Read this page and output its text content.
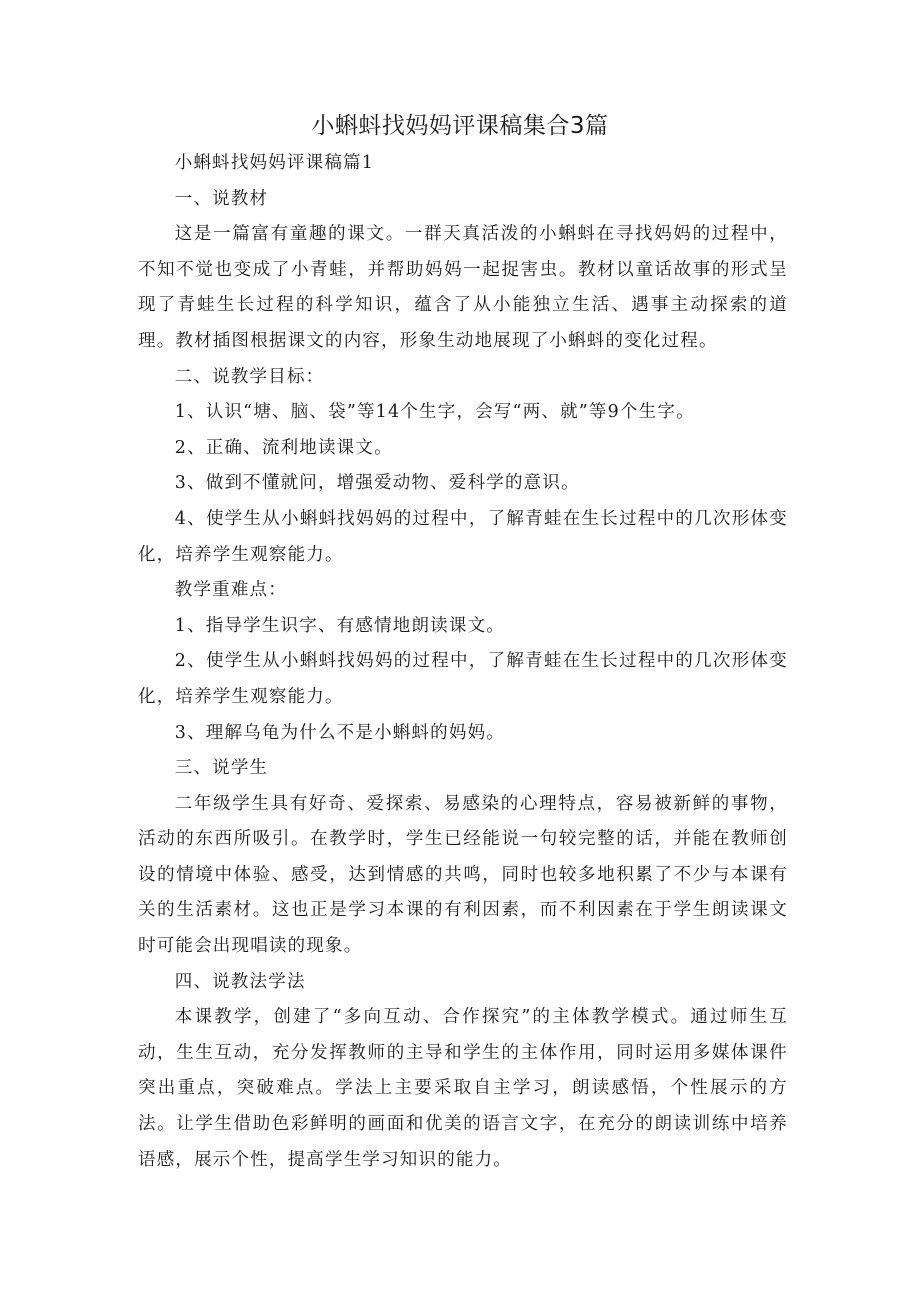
小蝌蚪找妈妈评课稿集合3篇

小蝌蚪找妈妈评课稿篇1

一、说教材

这是一篇富有童趣的课文。一群天真活泼的小蝌蚪在寻找妈妈的过程中，不知不觉也变成了小青蛙，并帮助妈妈一起捉害虫。教材以童话故事的形式呈现了青蛙生长过程的科学知识，蕴含了从小能独立生活、遇事主动探索的道理。教材插图根据课文的内容，形象生动地展现了小蝌蚪的变化过程。

二、说教学目标：

1、认识“塘、脑、袋”等14个生字，会写“两、就”等9个生字。

2、正确、流利地读课文。

3、做到不懂就问，增强爱动物、爱科学的意识。

4、使学生从小蝌蚪找妈妈的过程中，了解青蛙在生长过程中的几次形体变化，培养学生观察能力。

教学重难点：

1、指导学生识字、有感情地朗读课文。

2、使学生从小蝌蚪找妈妈的过程中，了解青蛙在生长过程中的几次形体变化，培养学生观察能力。

3、理解乌龟为什么不是小蝌蚪的妈妈。

三、说学生

二年级学生具有好奇、爱探索、易感染的心理特点，容易被新鲜的事物，活动的东西所吸引。在教学时，学生已经能说一句较完整的话，并能在教师创设的情境中体验、感受，达到情感的共鸣，同时也较多地积累了不少与本课有关的生活素材。这也正是学习本课的有利因素，而不利因素在于学生朗读课文时可能会出现唱读的现象。

四、说教法学法

本课教学，创建了“多向互动、合作探究”的主体教学模式。通过师生互动，生生互动，充分发挥教师的主导和学生的主体作用，同时运用多媒体课件突出重点，突破难点。学法上主要采取自主学习，朗读感悟，个性展示的方法。让学生借助色彩鲜明的画面和优美的语言文字，在充分的朗读训练中培养语感，展示个性，提高学生学习知识的能力。
